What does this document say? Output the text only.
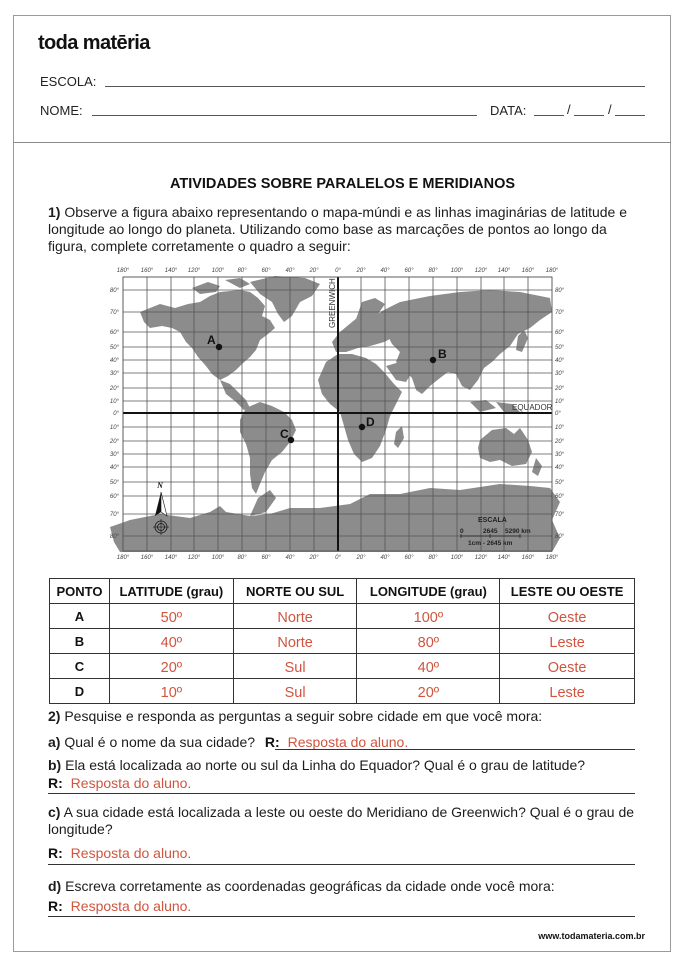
toda matēria
ESCOLA:
NOME:	DATA:	/	/
ATIVIDADES SOBRE PARALELOS E MERIDIANOS
1) Observe a figura abaixo representando o mapa-múndi e as linhas imaginárias de latitude e longitude ao longo do planeta. Utilizando como base as marcações de pontos ao longo da figura, complete corretamente o quadro a seguir:
GREENWICH
EQUADOR
180° 160° 140° 120° 100° 80° 60° 40° 20°	0°	20° 40° 60° 80° 100° 120° 140° 160° 180°
180° 160° 140° 120° 100° 80° 60° 40° 20°	0°	20° 40° 60° 80° 100° 120° 140° 160° 180°
80°
70°
60°
50°
40°
30°
20°
10°
0°
10°
20°
30°
40°
50°
60°
70°
80°
80°
70°
60°
50°
40°
30°
20°
10°
0°
10°
20°
30°
40°
50°
60°
70°
80°
A
B
C
D
N
ESCALA
0	2645 5290 km
1cm - 2645 km
PONTO	LATITUDE (grau)	NORTE OU SUL	LONGITUDE (grau)	LESTE OU OESTE
A	50º	Norte	100º	Oeste
B	40º	Norte	80º	Leste
C	20º	Sul	40º	Oeste
D	10º	Sul	20º	Leste
2) Pesquise e responda as perguntas a seguir sobre cidade em que você mora:
a) Qual é o nome da sua cidade? R: Resposta do aluno.
b) Ela está localizada ao norte ou sul da Linha do Equador? Qual é o grau de latitude?
R: Resposta do aluno.
c) A sua cidade está localizada a leste ou oeste do Meridiano de Greenwich? Qual é o grau de longitude?
R: Resposta do aluno.
d) Escreva corretamente as coordenadas geográficas da cidade onde você mora:
R: Resposta do aluno.
www.todamateria.com.br
